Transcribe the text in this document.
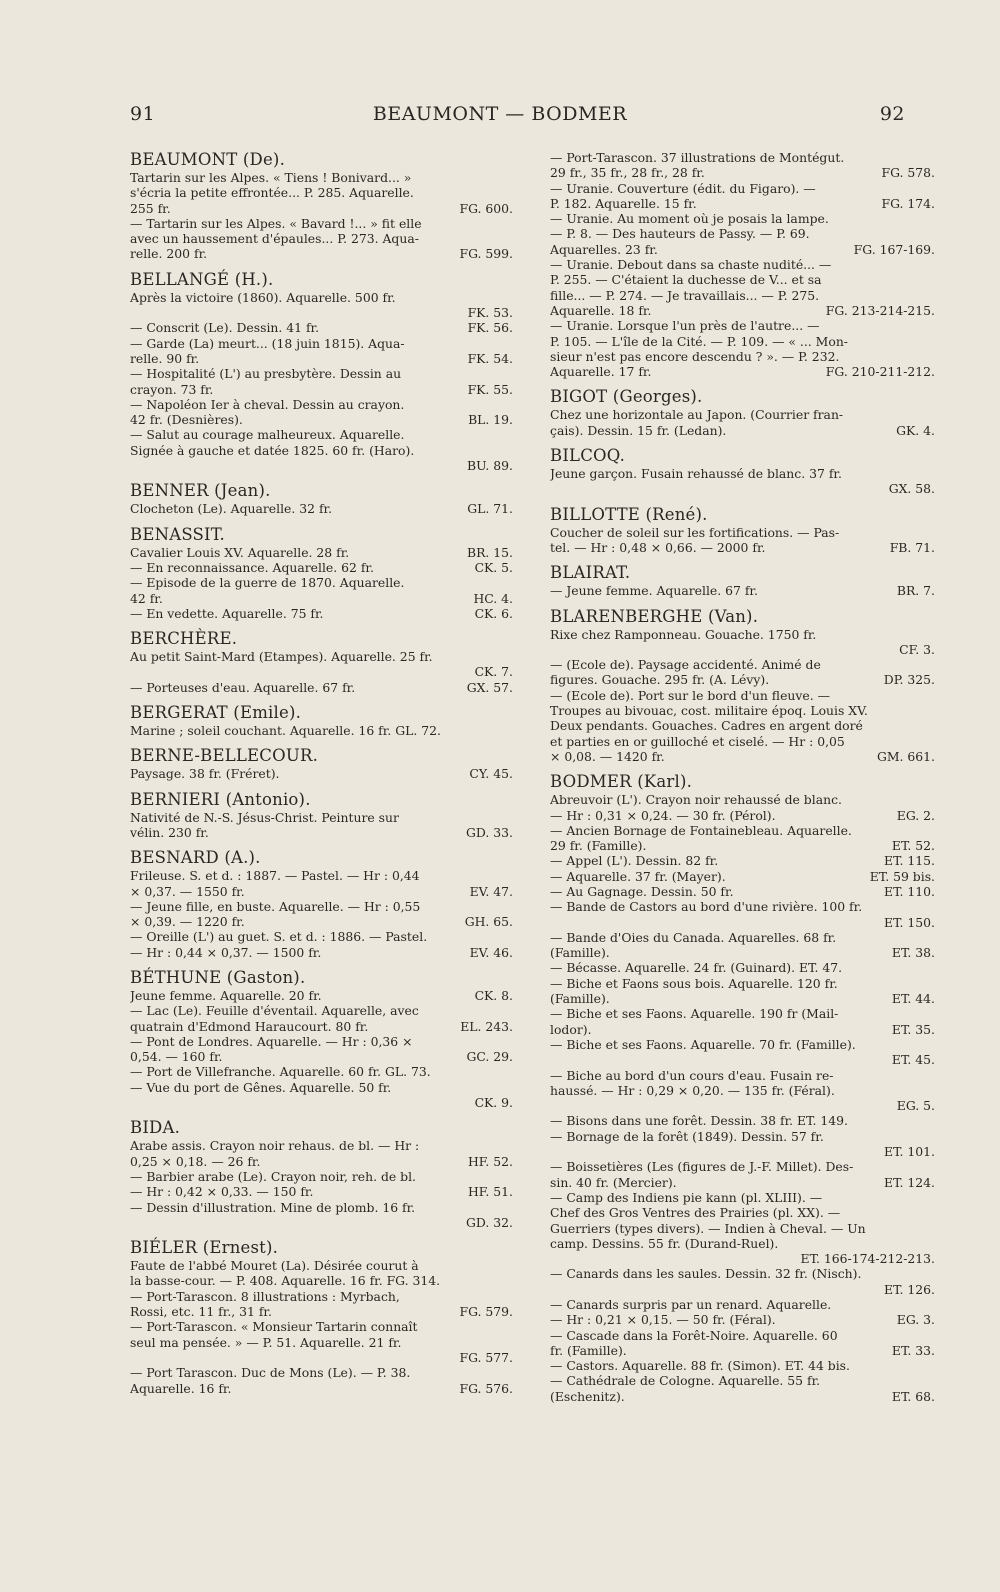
91	BEAUMONT — BODMER	92
BEAUMONT (De).
Tartarin sur les Alpes. « Tiens ! Bonivard... »
s'écria la petite effrontée... P. 285. Aquarelle.
255 fr.	FG. 600.
— Tartarin sur les Alpes. « Bavard !... » fit elle
avec un haussement d'épaules... P. 273. Aqua-
relle. 200 fr.	FG. 599.
BELLANGÉ (H.).
Après la victoire (1860). Aquarelle. 500 fr.
FK. 53.
— Conscrit (Le). Dessin. 41 fr.	FK. 56.
— Garde (La) meurt... (18 juin 1815). Aqua-
relle. 90 fr.	FK. 54.
— Hospitalité (L') au presbytère. Dessin au
crayon. 73 fr.	FK. 55.
— Napoléon Ier à cheval. Dessin au crayon.
42 fr. (Desnières).	BL. 19.
— Salut au courage malheureux. Aquarelle.
Signée à gauche et datée 1825. 60 fr. (Haro).
BU. 89.
BENNER (Jean).
Clocheton (Le). Aquarelle. 32 fr.	GL. 71.
BENASSIT.
Cavalier Louis XV. Aquarelle. 28 fr.	BR. 15.
— En reconnaissance. Aquarelle. 62 fr.	CK. 5.
— Episode de la guerre de 1870. Aquarelle.
42 fr.	HC. 4.
— En vedette. Aquarelle. 75 fr.	CK. 6.
BERCHÈRE.
Au petit Saint-Mard (Etampes). Aquarelle. 25 fr.
CK. 7.
— Porteuses d'eau. Aquarelle. 67 fr.	GX. 57.
BERGERAT (Emile).
Marine ; soleil couchant. Aquarelle. 16 fr. GL. 72.
BERNE-BELLECOUR.
Paysage. 38 fr. (Fréret).	CY. 45.
BERNIERI (Antonio).
Nativité de N.-S. Jésus-Christ. Peinture sur
vélin. 230 fr.	GD. 33.
BESNARD (A.).
Frileuse. S. et d. : 1887. — Pastel. — Hr : 0,44
× 0,37. — 1550 fr.	EV. 47.
— Jeune fille, en buste. Aquarelle. — Hr : 0,55
× 0,39. — 1220 fr.	GH. 65.
— Oreille (L') au guet. S. et d. : 1886. — Pastel.
— Hr : 0,44 × 0,37. — 1500 fr.	EV. 46.
BÉTHUNE (Gaston).
Jeune femme. Aquarelle. 20 fr.	CK. 8.
— Lac (Le). Feuille d'éventail. Aquarelle, avec
quatrain d'Edmond Haraucourt. 80 fr.	EL. 243.
— Pont de Londres. Aquarelle. — Hr : 0,36 ×
0,54. — 160 fr.	GC. 29.
— Port de Villefranche. Aquarelle. 60 fr. GL. 73.
— Vue du port de Gênes. Aquarelle. 50 fr.
CK. 9.
BIDA.
Arabe assis. Crayon noir rehaus. de bl. — Hr :
0,25 × 0,18. — 26 fr.	HF. 52.
— Barbier arabe (Le). Crayon noir, reh. de bl.
— Hr : 0,42 × 0,33. — 150 fr.	HF. 51.
— Dessin d'illustration. Mine de plomb. 16 fr.
GD. 32.
BIÉLER (Ernest).
Faute de l'abbé Mouret (La). Désirée courut à
la basse-cour. — P. 408. Aquarelle. 16 fr. FG. 314.
— Port-Tarascon. 8 illustrations : Myrbach,
Rossi, etc. 11 fr., 31 fr.	FG. 579.
— Port-Tarascon. « Monsieur Tartarin connaît
seul ma pensée. » — P. 51. Aquarelle. 21 fr.
FG. 577.
— Port Tarascon. Duc de Mons (Le). — P. 38.
Aquarelle. 16 fr.	FG. 576.
— Port-Tarascon. 37 illustrations de Montégut.
29 fr., 35 fr., 28 fr., 28 fr.	FG. 578.
— Uranie. Couverture (édit. du Figaro). —
P. 182. Aquarelle. 15 fr.	FG. 174.
— Uranie. Au moment où je posais la lampe.
— P. 8. — Des hauteurs de Passy. — P. 69.
Aquarelles. 23 fr.	FG. 167-169.
— Uranie. Debout dans sa chaste nudité... —
P. 255. — C'étaient la duchesse de V... et sa
fille... — P. 274. — Je travaillais... — P. 275.
Aquarelle. 18 fr.	FG. 213-214-215.
— Uranie. Lorsque l'un près de l'autre... —
P. 105. — L'île de la Cité. — P. 109. — « ... Mon-
sieur n'est pas encore descendu ? ». — P. 232.
Aquarelle. 17 fr.	FG. 210-211-212.
BIGOT (Georges).
Chez une horizontale au Japon. (Courrier fran-
çais). Dessin. 15 fr. (Ledan).	GK. 4.
BILCOQ.
Jeune garçon. Fusain rehaussé de blanc. 37 fr.
GX. 58.
BILLOTTE (René).
Coucher de soleil sur les fortifications. — Pas-
tel. — Hr : 0,48 × 0,66. — 2000 fr.	FB. 71.
BLAIRAT.
— Jeune femme. Aquarelle. 67 fr.	BR. 7.
BLARENBERGHE (Van).
Rixe chez Ramponneau. Gouache. 1750 fr.
CF. 3.
— (Ecole de). Paysage accidenté. Animé de
figures. Gouache. 295 fr. (A. Lévy).	DP. 325.
— (Ecole de). Port sur le bord d'un fleuve. —
Troupes au bivouac, cost. militaire époq. Louis XV.
Deux pendants. Gouaches. Cadres en argent doré
et parties en or guilloché et ciselé. — Hr : 0,05
× 0,08. — 1420 fr.	GM. 661.
BODMER (Karl).
Abreuvoir (L'). Crayon noir rehaussé de blanc.
— Hr : 0,31 × 0,24. — 30 fr. (Pérol).	EG. 2.
— Ancien Bornage de Fontainebleau. Aquarelle.
29 fr. (Famille).	ET. 52.
— Appel (L'). Dessin. 82 fr.	ET. 115.
— Aquarelle. 37 fr. (Mayer).	ET. 59 bis.
— Au Gagnage. Dessin. 50 fr.	ET. 110.
— Bande de Castors au bord d'une rivière. 100 fr.
ET. 150.
— Bande d'Oies du Canada. Aquarelles. 68 fr.
(Famille).	ET. 38.
— Bécasse. Aquarelle. 24 fr. (Guinard). ET. 47.
— Biche et Faons sous bois. Aquarelle. 120 fr.
(Famille).	ET. 44.
— Biche et ses Faons. Aquarelle. 190 fr (Mail-
lodor).	ET. 35.
— Biche et ses Faons. Aquarelle. 70 fr. (Famille).
ET. 45.
— Biche au bord d'un cours d'eau. Fusain re-
haussé. — Hr : 0,29 × 0,20. — 135 fr. (Féral).
EG. 5.
— Bisons dans une forêt. Dessin. 38 fr. ET. 149.
— Bornage de la forêt (1849). Dessin. 57 fr.
ET. 101.
— Boissetières (Les (figures de J.-F. Millet). Des-
sin. 40 fr. (Mercier).	ET. 124.
— Camp des Indiens pie kann (pl. XLIII). —
Chef des Gros Ventres des Prairies (pl. XX). —
Guerriers (types divers). — Indien à Cheval. — Un
camp. Dessins. 55 fr. (Durand-Ruel).
ET. 166-174-212-213.
— Canards dans les saules. Dessin. 32 fr. (Nisch).
ET. 126.
— Canards surpris par un renard. Aquarelle.
— Hr : 0,21 × 0,15. — 50 fr. (Féral).	EG. 3.
— Cascade dans la Forêt-Noire. Aquarelle. 60
fr. (Famille).	ET. 33.
— Castors. Aquarelle. 88 fr. (Simon). ET. 44 bis.
— Cathédrale de Cologne. Aquarelle. 55 fr.
(Eschenitz).	ET. 68.
